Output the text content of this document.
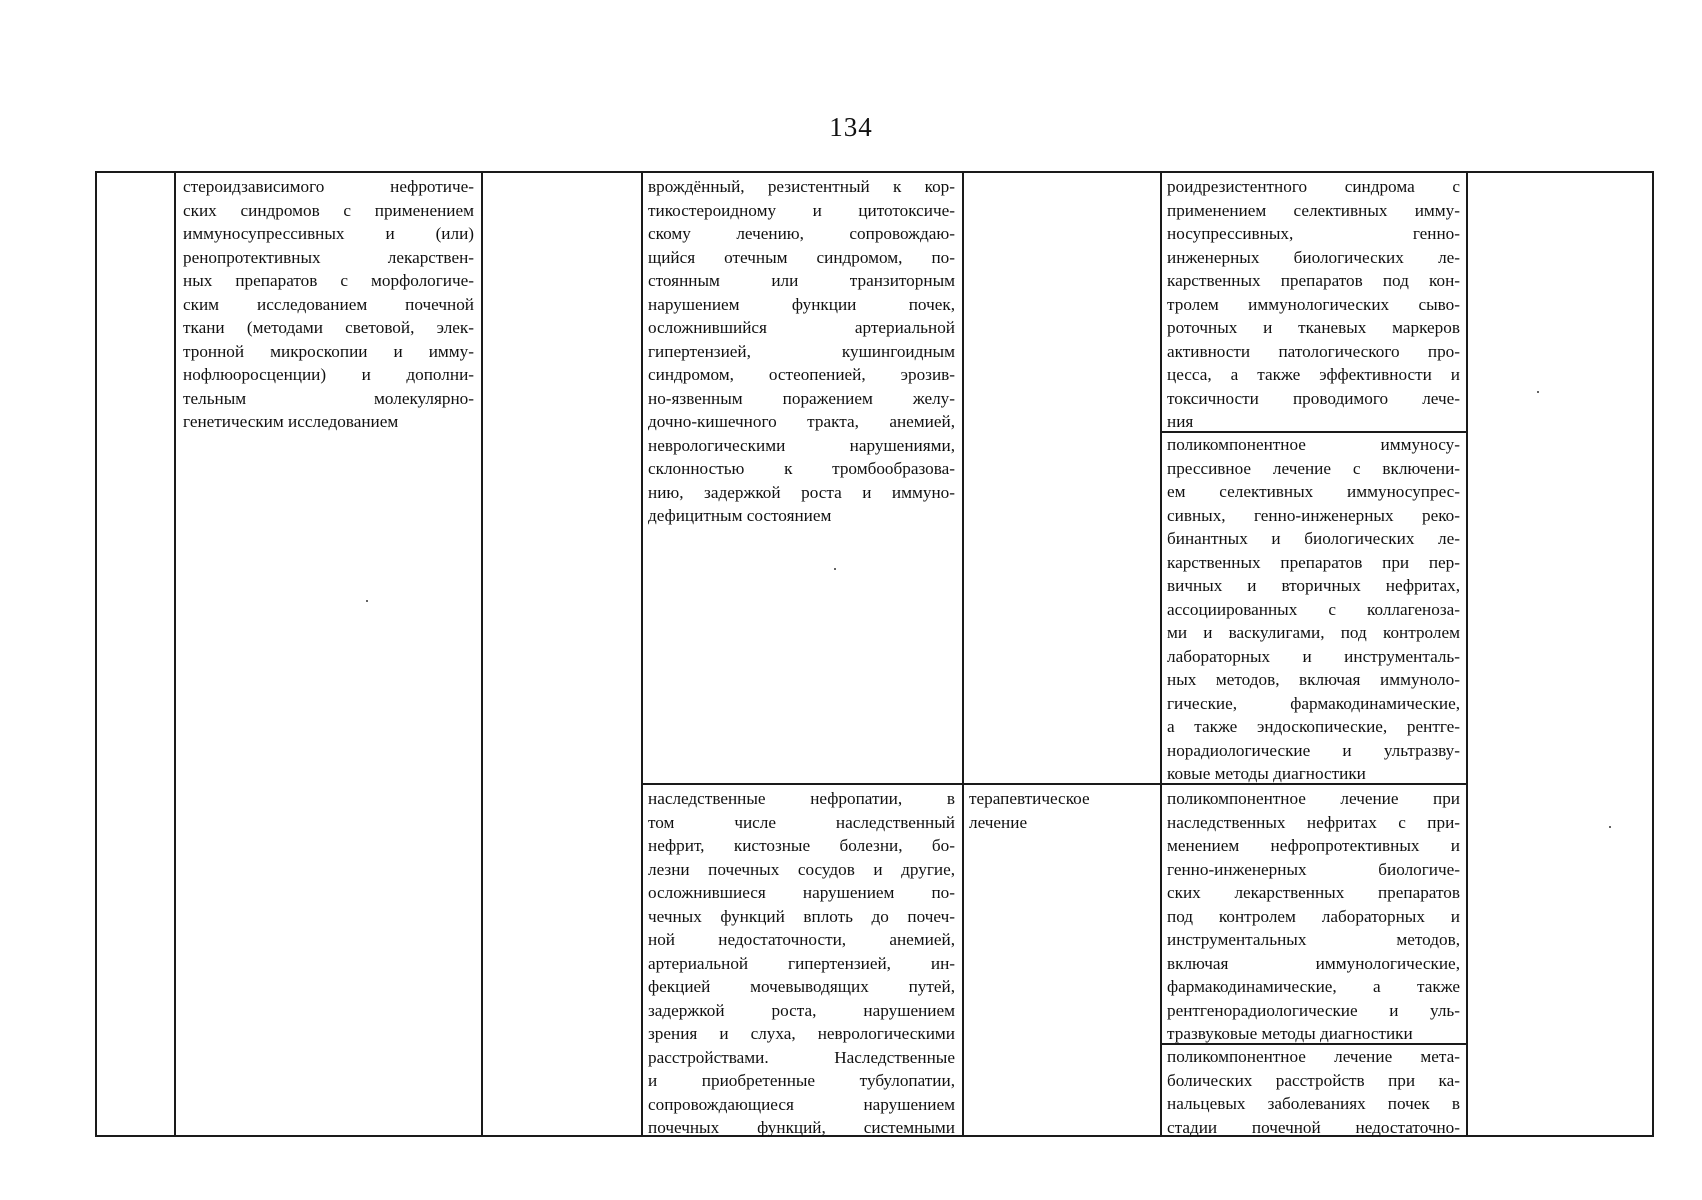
134
стероидзависимого нефротиче-
ских синдромов с применением
иммуносупрессивных и (или)
ренопротективных лекарствен-
ных препаратов с морфологиче-
ским исследованием почечной
ткани (методами световой, элек-
тронной микроскопии и имму-
нофлюоросценции) и дополни-
тельным молекулярно-
генетическим исследованием
врождённый, резистентный к кор-
тикостероидному и цитотоксиче-
скому лечению, сопровождаю-
щийся отечным синдромом, по-
стоянным или транзиторным
нарушением функции почек,
осложнившийся артериальной
гипертензией, кушингоидным
синдромом, остеопенией, эрозив-
но-язвенным поражением желу-
дочно-кишечного тракта, анемией,
неврологическими нарушениями,
склонностью к тромбообразова-
нию, задержкой роста и иммуно-
дефицитным состоянием
роидрезистентного синдрома с
применением селективных имму-
носупрессивных, генно-
инженерных биологических ле-
карственных препаратов под кон-
тролем иммунологических сыво-
роточных и тканевых маркеров
активности патологического про-
цесса, а также эффективности и
токсичности проводимого лече-
ния
поликомпонентное иммуносу-
прессивное лечение с включени-
ем селективных иммуносупрес-
сивных, генно-инженерных реко-
бинантных и биологических ле-
карственных препаратов при пер-
вичных и вторичных нефритах,
ассоциированных с коллагеноза-
ми и васкулигами, под контролем
лабораторных и инструменталь-
ных методов, включая иммуноло-
гические, фармакодинамические,
а также эндоскопические, рентге-
норадиологические и ультразву-
ковые методы диагностики
наследственные нефропатии, в
том числе наследственный
нефрит, кистозные болезни, бо-
лезни почечных сосудов и другие,
осложнившиеся нарушением по-
чечных функций вплоть до почеч-
ной недостаточности, анемией,
артериальной гипертензией, ин-
фекцией мочевыводящих путей,
задержкой роста, нарушением
зрения и слуха, неврологическими
расстройствами. Наследственные
и приобретенные тубулопатии,
сопровождающиеся нарушением
почечных функций, системными
терапевтическое
лечение
поликомпонентное лечение при
наследственных нефритах с при-
менением нефропротективных и
генно-инженерных биологиче-
ских лекарственных препаратов
под контролем лабораторных и
инструментальных методов,
включая иммунологические,
фармакодинамические, а также
рентгенорадиологические и уль-
тразвуковые методы диагностики
поликомпонентное лечение мета-
болических расстройств при ка-
нальцевых заболеваниях почек в
стадии почечной недостаточно-
